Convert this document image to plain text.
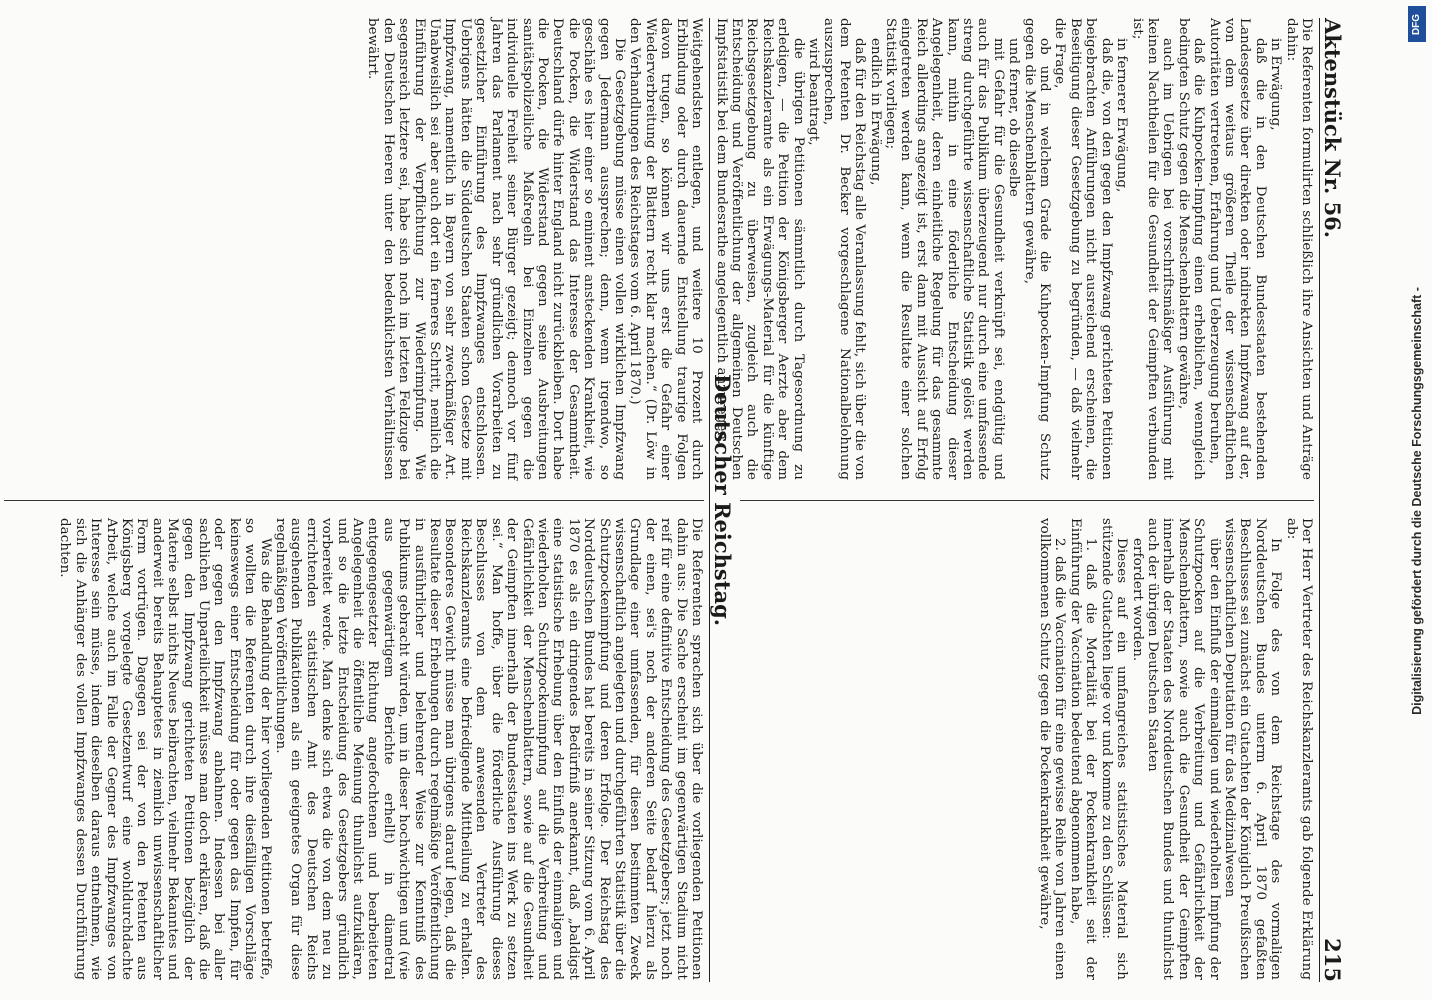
Aktenstück Nr. 56.
215

Die Referenten formulirten schließlich ihre Ansichten und Anträge dahin:

in Erwägung,

daß die in den Deutschen Bundesstaaten bestehenden Landesgesetze über direkten oder indirekten Impfzwang auf der, von dem weitaus größeren Theile der wissenschaftlichen Autoritäten vertretenen, Erfahrung und Ueberzeugung beruhen,

daß die Kuhpocken-Impfung einen erheblichen, wenngleich bedingten Schutz gegen die Menschenblattern gewähre,

auch im Uebrigen bei vorschriftsmäßiger Ausführung mit keinen Nachtheilen für die Gesundheit der Geimpften verbunden ist;

in fernerer Erwägung,

daß die, von den gegen den Impfzwang gerichteten Petitionen beigebrachten Anführungen nicht ausreichend erscheinen, die Beseitigung dieser Gesetzgebung zu begründen, — daß vielmehr die Frage,

ob und in welchem Grade die Kuhpocken-Impfung Schutz gegen die Menschenblattern gewähre,

und ferner, ob dieselbe

mit Gefahr für die Gesundheit verknüpft sei, endgültig und auch für das Publikum überzeugend nur durch eine umfassende streng durchgeführte wissenschaftliche Statistik gelöst werden kann, mithin in eine föderliche Entscheidung dieser Angelegenheit, deren einheitliche Regelung für das gesammte Reich allerdings angezeigt ist, erst dann mit Aussicht auf Erfolg eingetreten werden kann, wenn die Resultate einer solchen Statistik vorliegen;

endlich in Erwägung,

daß für den Reichstag alle Veranlassung fehlt, sich über die von dem Petenten Dr. Becker vorgeschlagene Nationalbelohnung auszusprechen,

wird beantragt,

die übrigen Petitionen sämmtlich durch Tagesordnung zu erledigen, — die Petition der Königsberger Aerzte aber dem Reichskanzleramte als ein Erwägungs-Material für die künftige Reichsgesetzgebung zu überweisen, zugleich auch die Entscheidung und Veröffentlichung der allgemeinen Deutschen Impfstatistik bei dem Bundesrathe angelegentlich anzuregen.

Der Herr Vertreter des Reichskanzleramts gab folgende Erklärung ab:

In Folge des von dem Reichstage des vormaligen Norddeutschen Bundes unterm 6. April 1870 gefaßten Beschlusses sei zunächst ein Gutachten der Königlich Preußischen wissenschaftlichen Deputation für das Medizinalwesen

über den Einfluß der einmaligen und wiederholten Impfung der Schutzpocken auf die Verbreitung und Gefährlichkeit der Menschenblattern, sowie auch die Gesundheit der Geimpften innerhalb der Staaten des Norddeutschen Bundes und thunlichst auch der übrigen Deutschen Staaten

erfordert worden.

Dieses auf ein umfangreiches statistisches Material sich stützende Gutachten liege vor und komme zu den Schlüssen:

1. daß die Mortalität bei der Pockenkrankheit seit der Einführung der Vaccination bedeutend abgenommen habe,

2. daß die Vaccination für eine gewisse Reihe von Jahren einen vollkommenen Schutz gegen die Pockenkrankheit gewähre,

Deutscher Reichstag.

Weitgehendsten entlegen, und weitere 10 Prozent durch Erblindung oder durch dauernde Entstellung traurige Folgen davon trugen, so können wir uns erst die Gefahr einer Wiederverbreitung der Blattern recht klar machen.“ (Dr. Löw in den Verhandlungen des Reichstages vom 6. April 1870.)

Die Gesetzgebung müsse einen vollen wirklichen Impfzwang gegen Jedermann aussprechen; denn, wenn irgendwo, so geschähe es hier einer so eminent ansteckenden Krankheit, wie die Pocken, die Widerstand das Interesse der Gesammtheit. Deutschland dürfe hinter England nicht zurückbleiben. Dort habe die Pocken, die Widerstand gegen seine Ausbreitungen sanitätspolizeiliche Maßregeln bei Einzelnen gegen die individuelle Freiheit seiner Bürger gezeigt; dennoch vor fünf Jahren das Parlament nach sehr gründlichen Vorarbeiten zu gesetzlicher Einführung des Impfzwanges entschlossen. Uebrigens hätten die Süddeutschen Staaten schon Gesetze mit Impfzwang, namentlich in Bayern von sehr zweckmäßiger Art. Unabweislich sei aber auch dort ein ferneres Schritt, nemlich die Einführung der Verpflichtung zur Wiederimpfung. Wie segensreich letztere sei, habe sich noch im letzten Feldzuge bei den Deutschen Heeren unter den bedenklichsten Verhältnissen bewährt.

Die Referenten sprachen sich über die vorliegenden Petitionen dahin aus: Die Sache erscheint im gegenwärtigen Stadium nicht reif für eine definitive Entscheidung des Gesetzgebers; jetzt noch der einen, sei's noch der anderen Seite bedarf hierzu als Grundlage einer umfassenden, für diesen bestimmten Zweck wissenschaftlich angelegten und durchgeführten Statistik über die Schutzpockenimpfung und deren Erfolge. Der Reichstag des Norddeutschen Bundes hat bereits in seiner Sitzung vom 6. April 1870 es als ein dringendes Bedürfniß anerkannt, daß „baldigst eine statistische Erhebung über den Einfluß der einmaligen und wiederholten Schutzpockenimpfung auf die Verbreitung und Gefährlichkeit der Menschenblattern, sowie auf die Gesundheit der Geimpften innerhalb der Bundesstaaten ins Werk zu setzen sei.“ Man hoffe, über die förderliche Ausführung dieses Beschlusses von dem anwesenden Vertreter des Reichskanzleramts eine befriedigende Mittheilung zu erhalten. Besonderes Gewicht müsse man übrigens darauf legen, daß die Resultate dieser Erhebungen durch regelmäßige Veröffentlichung in ausführlicher und belehrender Weise zur Kenntniß des Publikums gebracht würden, um in dieser hochwichtigen und (wie aus gegenwärtigem Berichte erhellt) in diametral entgegengesetzter Richtung angefochtenen und bearbeiteten Angelegenheit die öffentliche Meinung thunlichst aufzuklären, und so die letzte Entscheidung des Gesetzgebers gründlich vorbereitet werde. Man denke sich etwa die von dem neu zu errichtenden statistischen Amt des Deutschen Reichs ausgehenden Publikationen als ein geeignetes Organ für diese regelmäßigen Veröffentlichungen.

Was die Behandlung der hier vorliegenden Petitionen betreffe, so wollten die Referenten durch ihre diesfälligen Vorschläge keineswegs einer Entscheidung für oder gegen das Impfen, für oder gegen den Impfzwang anbahnen. Indessen bei aller sachlichen Unparteilichkeit müsse man doch erklären, daß die gegen den Impfzwang gerichteten Petitionen bezüglich der Materie selbst nichts Neues beibrachten, vielmehr Bekanntes und anderweit bereits Behauptetes in ziemlich unwissenschaftlicher Form vortrügen. Dagegen sei der von den Petenten aus Königsberg vorgelegte Gesetzentwurf eine wohldurchdachte Arbeit, welche auch im Falle der Gegner des Impfzwanges von Interesse sein müsse, indem dieselben daraus entnehmen, wie sich die Anhänger des vollen Impfzwanges dessen Durchführung dachten.

DFG
Digitalisierung gefördert durch die Deutsche Forschungsgemeinschaft -
